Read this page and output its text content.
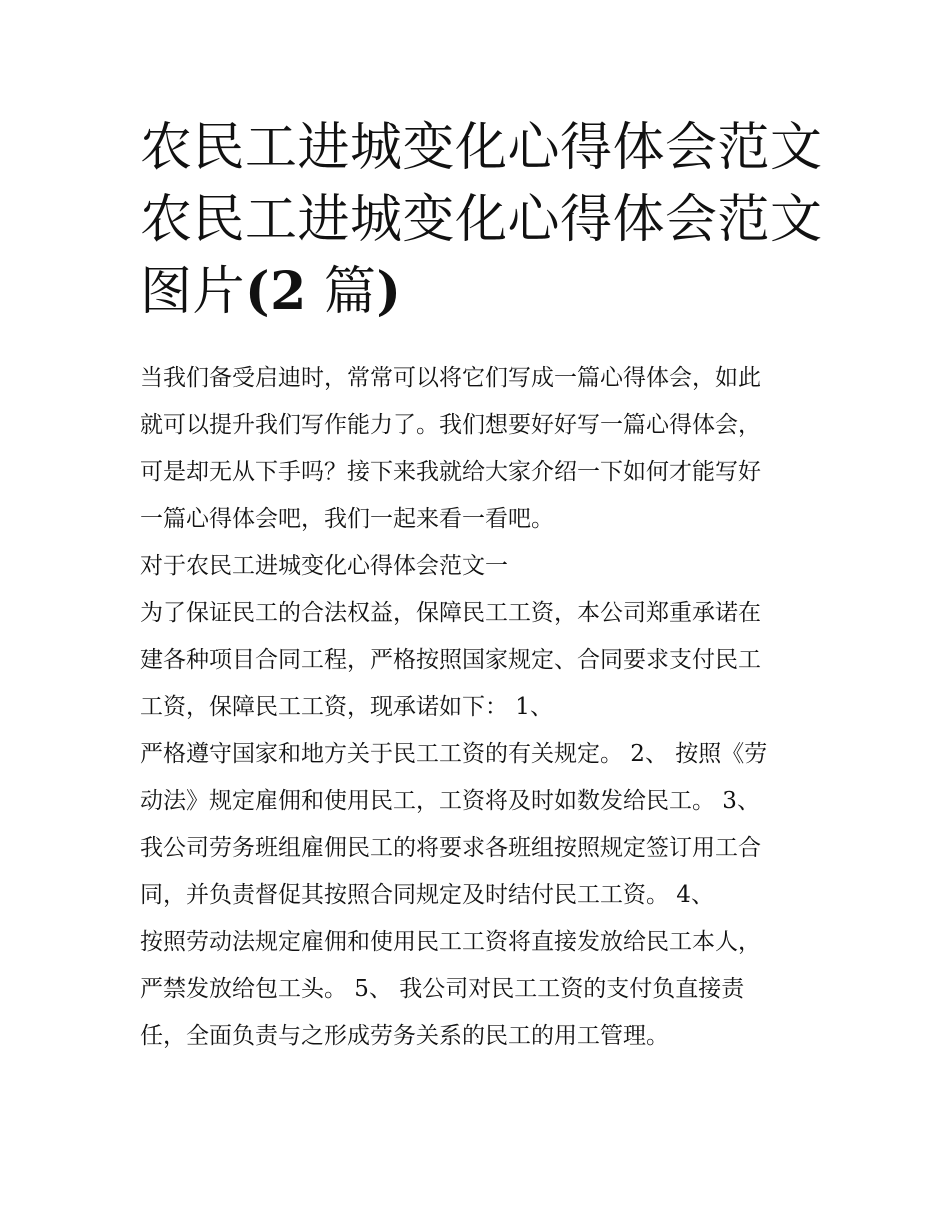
农民工进城变化心得体会范文
农民工进城变化心得体会范文
图片(2 篇)
当我们备受启迪时，常常可以将它们写成一篇心得体会，如此
就可以提升我们写作能力了。我们想要好好写一篇心得体会，
可是却无从下手吗？接下来我就给大家介绍一下如何才能写好
一篇心得体会吧，我们一起来看一看吧。
对于农民工进城变化心得体会范文一
为了保证民工的合法权益，保障民工工资，本公司郑重承诺在
建各种项目合同工程，严格按照国家规定、合同要求支付民工
工资，保障民工工资，现承诺如下： 1、
严格遵守国家和地方关于民工工资的有关规定。 2、 按照《劳
动法》规定雇佣和使用民工，工资将及时如数发给民工。 3、
我公司劳务班组雇佣民工的将要求各班组按照规定签订用工合
同，并负责督促其按照合同规定及时结付民工工资。 4、
按照劳动法规定雇佣和使用民工工资将直接发放给民工本人，
严禁发放给包工头。 5、 我公司对民工工资的支付负直接责
任，全面负责与之形成劳务关系的民工的用工管理。
